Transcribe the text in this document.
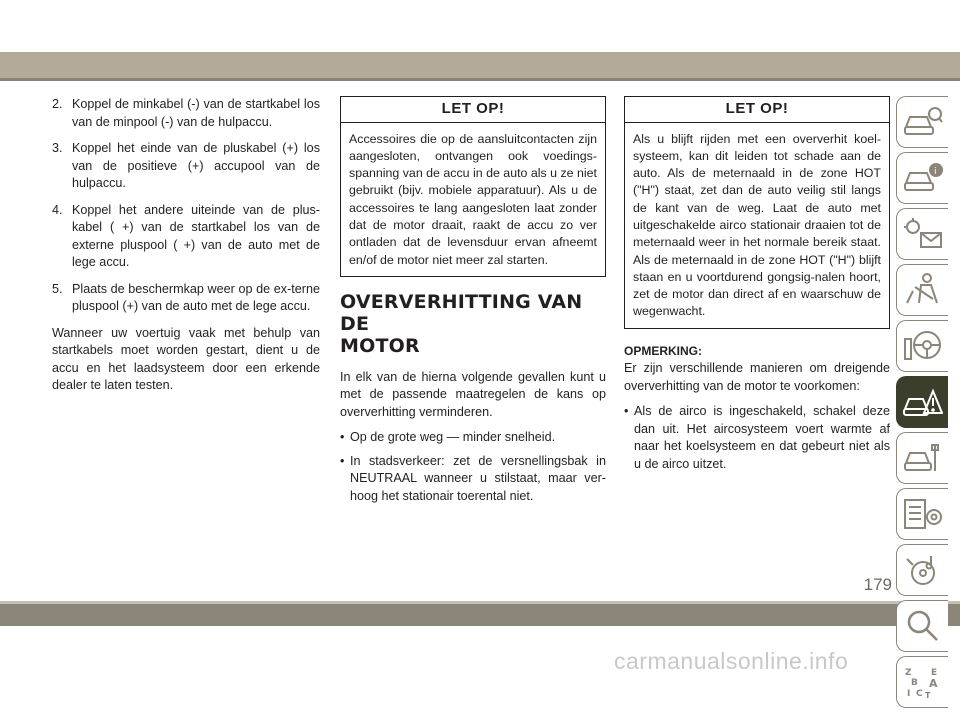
2. Koppel de minkabel (-) van de startkabel los van de minpool (-) van de hulpaccu.
3. Koppel het einde van de pluskabel (+) los van de positieve (+) accupool van de hulpaccu.
4. Koppel het andere uiteinde van de plus-kabel ( +) van de startkabel los van de externe pluspool ( +) van de auto met de lege accu.
5. Plaats de beschermkap weer op de ex-terne pluspool (+) van de auto met de lege accu.

Wanneer uw voertuig vaak met behulp van startkabels moet worden gestart, dient u de accu en het laadsysteem door een erkende dealer te laten testen.

LET OP!
Accessoires die op de aansluitcontacten zijn aangesloten, ontvangen ook voedings-spanning van de accu in de auto als u ze niet gebruikt (bijv. mobiele apparatuur). Als u de accessoires te lang aangesloten laat zonder dat de motor draait, raakt de accu zo ver ontladen dat de levensduur ervan afneemt en/of de motor niet meer zal starten.
OVERVERHITTING VAN DE
MOTOR

In elk van de hierna volgende gevallen kunt u met de passende maatregelen de kans op oververhitting verminderen.

• Op de grote weg — minder snelheid.
• In stadsverkeer: zet de versnellingsbak in NEUTRAAL wanneer u stilstaat, maar ver-hoog het stationair toerental niet.
LET OP!
Als u blijft rijden met een oververhit koel-systeem, kan dit leiden tot schade aan de auto. Als de meternaald in de zone HOT ("H") staat, zet dan de auto veilig stil langs de kant van de weg. Laat de auto met uitgeschakelde airco stationair draaien tot de meternaald weer in het normale bereik staat. Als de meternaald in de zone HOT ("H") blijft staan en u voortdurend gongsig-nalen hoort, zet de motor dan direct af en waarschuw de wegenwacht.
OPMERKING:

Er zijn verschillende manieren om dreigende oververhitting van de motor te voorkomen:

• Als de airco is ingeschakeld, schakel deze dan uit. Het aircosysteem voert warmte af naar het koelsysteem en dat gebeurt niet als u de airco uitzet.
i
Z E
B A
I C T
179
carmanualsonline.info
